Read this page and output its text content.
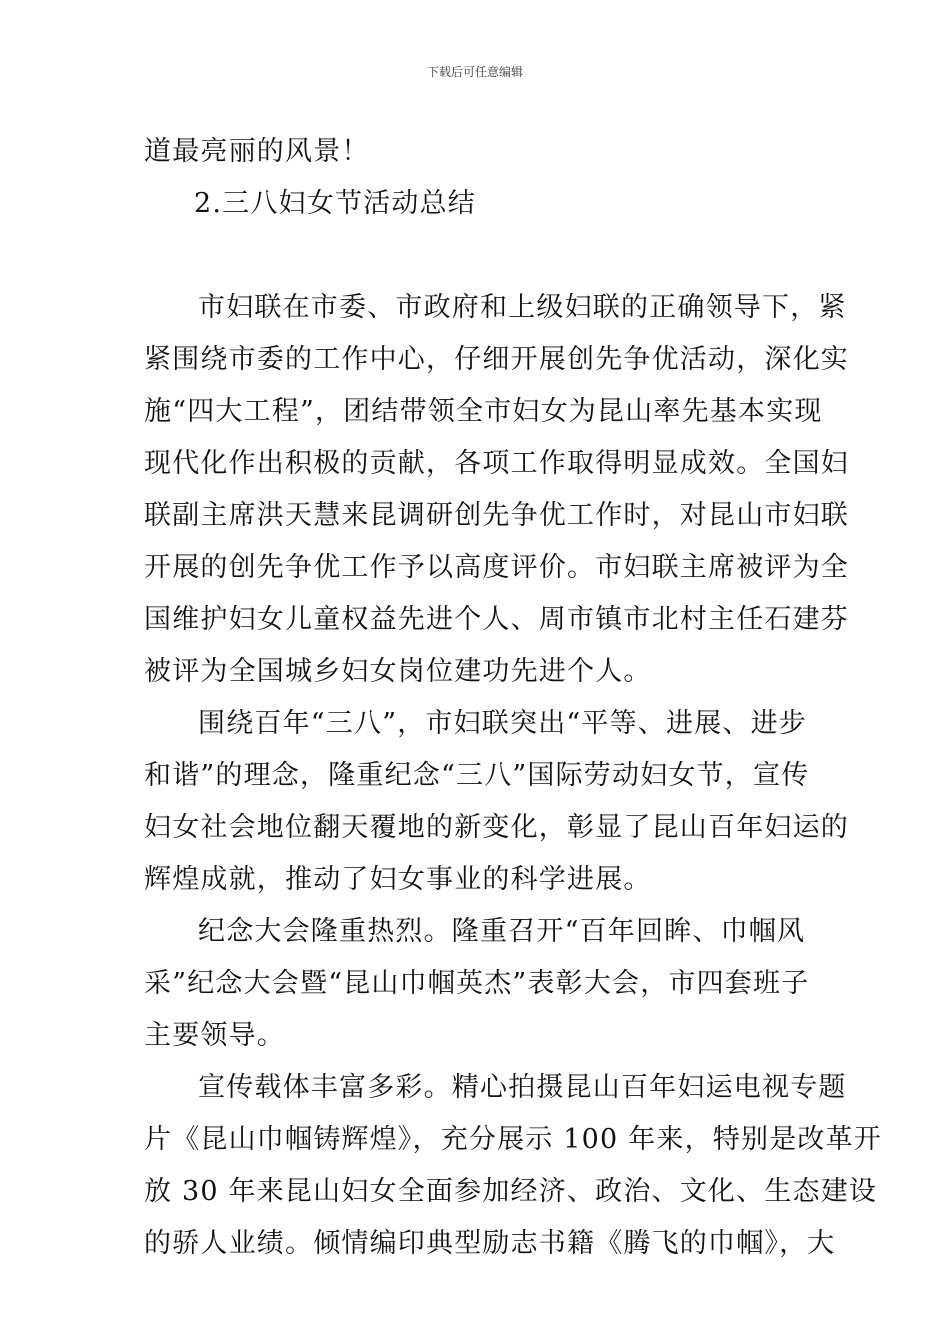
下载后可任意编辑
道最亮丽的风景！
2.三八妇女节活动总结
市妇联在市委、市政府和上级妇联的正确领导下，紧
紧围绕市委的工作中心，仔细开展创先争优活动，深化实
施“四大工程”，团结带领全市妇女为昆山率先基本实现
现代化作出积极的贡献，各项工作取得明显成效。全国妇
联副主席洪天慧来昆调研创先争优工作时，对昆山市妇联
开展的创先争优工作予以高度评价。市妇联主席被评为全
国维护妇女儿童权益先进个人、周市镇市北村主任石建芬
被评为全国城乡妇女岗位建功先进个人。
围绕百年“三八”，市妇联突出“平等、进展、进步
和谐”的理念，隆重纪念“三八”国际劳动妇女节，宣传
妇女社会地位翻天覆地的新变化，彰显了昆山百年妇运的
辉煌成就，推动了妇女事业的科学进展。
纪念大会隆重热烈。隆重召开“百年回眸、巾帼风
采”纪念大会暨“昆山巾帼英杰”表彰大会，市四套班子
主要领导。
宣传载体丰富多彩。精心拍摄昆山百年妇运电视专题
片《昆山巾帼铸辉煌》，充分展示 100 年来，特别是改革开
放 30 年来昆山妇女全面参加经济、政治、文化、生态建设
的骄人业绩。倾情编印典型励志书籍《腾飞的巾帼》，大
